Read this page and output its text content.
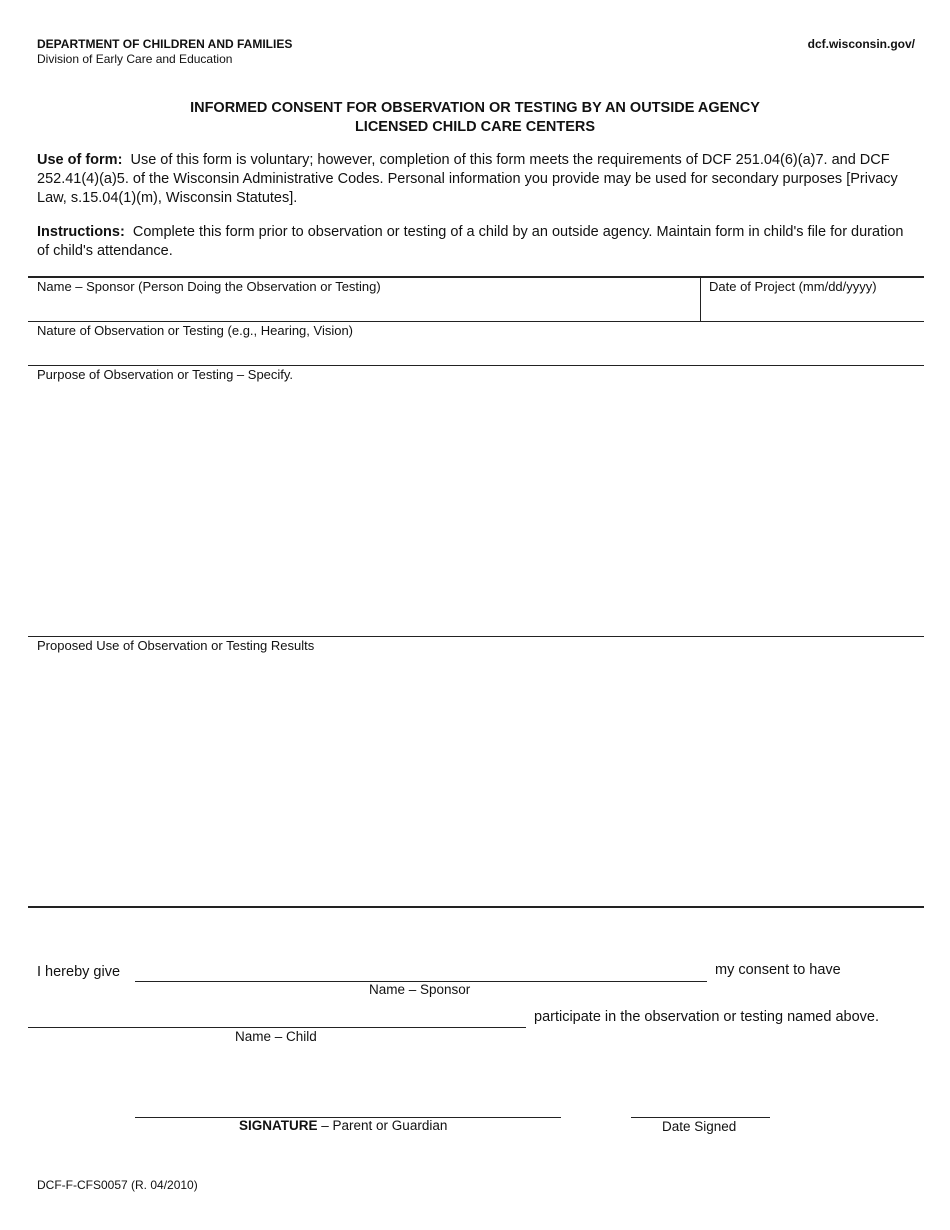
DEPARTMENT OF CHILDREN AND FAMILIES
Division of Early Care and Education
dcf.wisconsin.gov/
INFORMED CONSENT FOR OBSERVATION OR TESTING BY AN OUTSIDE AGENCY
LICENSED CHILD CARE CENTERS
Use of form: Use of this form is voluntary; however, completion of this form meets the requirements of DCF 251.04(6)(a)7. and DCF 252.41(4)(a)5. of the Wisconsin Administrative Codes. Personal information you provide may be used for secondary purposes [Privacy Law, s.15.04(1)(m), Wisconsin Statutes].
Instructions: Complete this form prior to observation or testing of a child by an outside agency. Maintain form in child's file for duration of child's attendance.
Name – Sponsor (Person Doing the Observation or Testing)	Date of Project (mm/dd/yyyy)
Nature of Observation or Testing (e.g., Hearing, Vision)
Purpose of Observation or Testing – Specify.
Proposed Use of Observation or Testing Results
I hereby give	my consent to have
Name – Sponsor
participate in the observation or testing named above.
Name – Child
SIGNATURE – Parent or Guardian	Date Signed
DCF-F-CFS0057 (R. 04/2010)
